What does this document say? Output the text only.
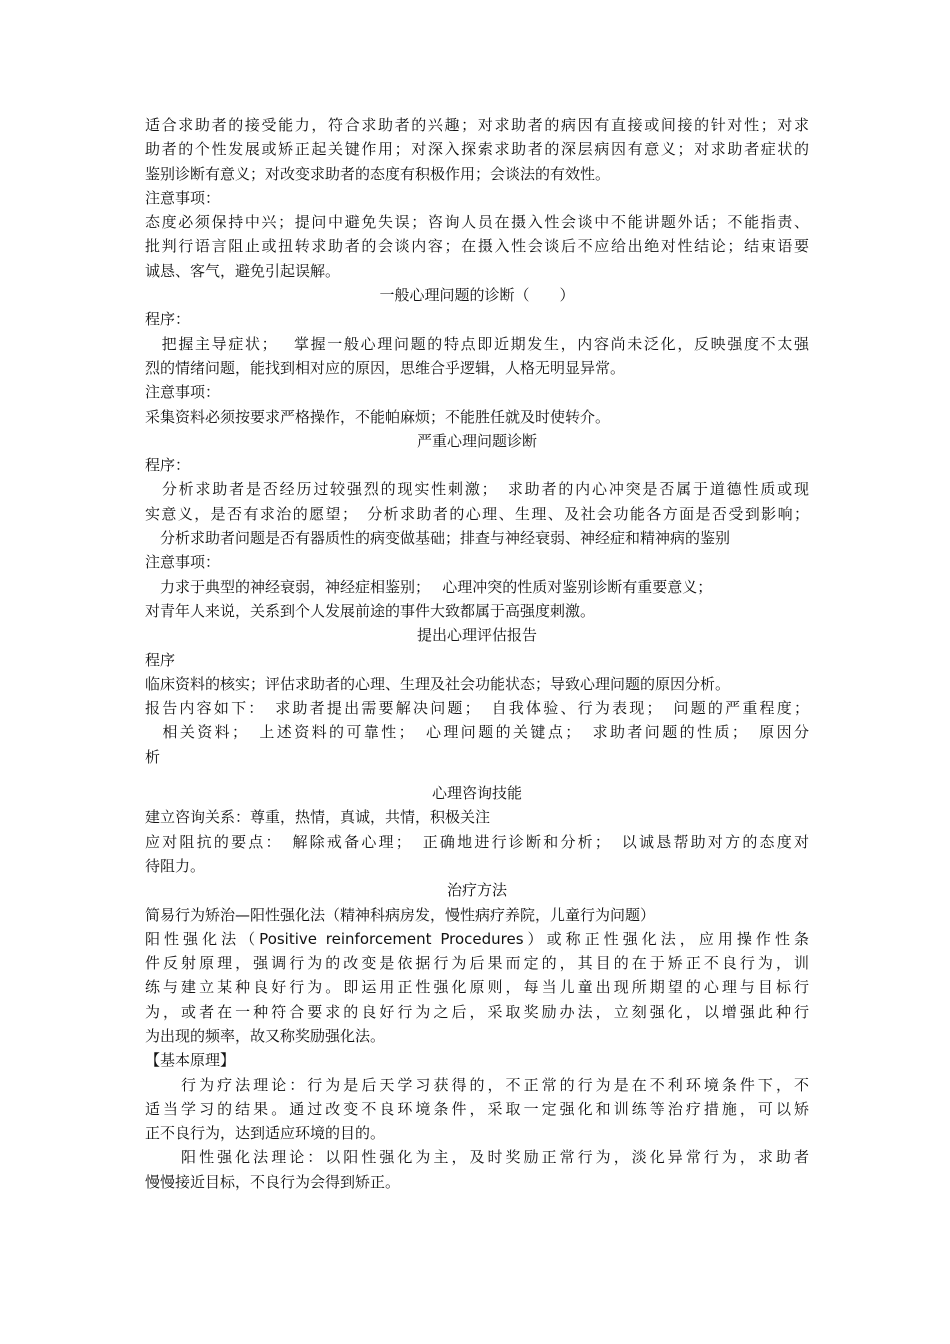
适合求助者的接受能力，符合求助者的兴趣；对求助者的病因有直接或间接的针对性；对求
助者的个性发展或矫正起关键作用；对深入探索求助者的深层病因有意义；对求助者症状的
鉴别诊断有意义；对改变求助者的态度有积极作用；会谈法的有效性。
注意事项：
态度必须保持中兴；提问中避免失误；咨询人员在摄入性会谈中不能讲题外话；不能指责、
批判行语言阻止或扭转求助者的会谈内容；在摄入性会谈后不应给出绝对性结论；结束语要
诚恳、客气，避免引起误解。
一般心理问题的诊断（　　）
程序：
　把握主导症状；　 掌握一般心理问题的特点即近期发生，内容尚未泛化，反映强度不太强
烈的情绪问题，能找到相对应的原因，思维合乎逻辑，人格无明显异常。
注意事项：
采集资料必须按要求严格操作，不能帕麻烦；不能胜任就及时使转介。
严重心理问题诊断
程序：
　分析求助者是否经历过较强烈的现实性刺激；　求助者的内心冲突是否属于道德性质或现
实意义，是否有求治的愿望；　分析求助者的心理、生理、及社会功能各方面是否受到影响；
　分析求助者问题是否有器质性的病变做基础；排查与神经衰弱、神经症和精神病的鉴别
注意事项：
　力求于典型的神经衰弱，神经症相鉴别；　 心理冲突的性质对鉴别诊断有重要意义；
对青年人来说，关系到个人发展前途的事件大致都属于高强度刺激。
提出心理评估报告
程序
临床资料的核实；评估求助者的心理、生理及社会功能状态；导致心理问题的原因分析。
报告内容如下：　求助者提出需要解决问题；　自我体验、行为表现；　问题的严重程度；
　相关资料；　上述资料的可靠性；　心理问题的关键点；　求助者问题的性质；　原因分
析
心理咨询技能
建立咨询关系：尊重，热情，真诚，共情，积极关注
应对阻抗的要点：　解除戒备心理；　正确地进行诊断和分析；　以诚恳帮助对方的态度对
待阻力。
治疗方法
简易行为矫治—阳性强化法（精神科病房发，慢性病疗养院，儿童行为问题）
阳性强化法（Positive reinforcement Procedures）或称正性强化法，应用操作性条
件反射原理，强调行为的改变是依据行为后果而定的，其目的在于矫正不良行为，训
练与建立某种良好行为。即运用正性强化原则，每当儿童出现所期望的心理与目标行
为，或者在一种符合要求的良好行为之后，采取奖励办法，立刻强化，以增强此种行
为出现的频率，故又称奖励强化法。
【基本原理】
　　行为疗法理论：行为是后天学习获得的，不正常的行为是在不利环境条件下，不
适当学习的结果。通过改变不良环境条件，采取一定强化和训练等治疗措施，可以矫
正不良行为，达到适应环境的目的。
　　阳性强化法理论：以阳性强化为主，及时奖励正常行为，淡化异常行为，求助者
慢慢接近目标，不良行为会得到矫正。
